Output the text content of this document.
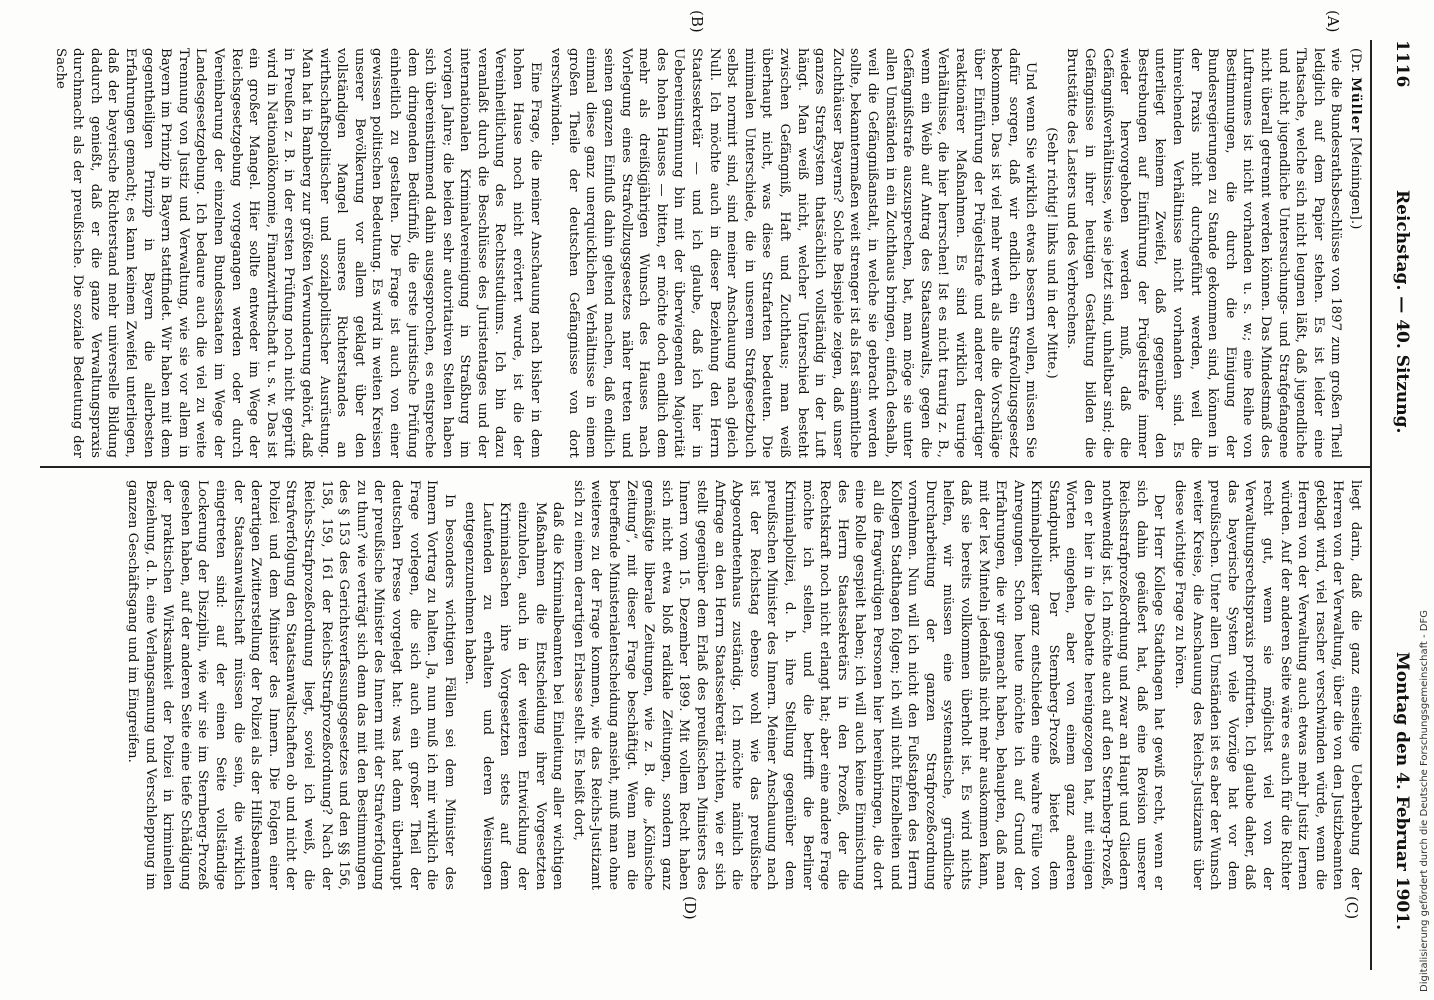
1116
Reichstag. — 40. Sitzung.
Montag den 4. Februar 1901.
(A)
(B)
(C)
(D)

(Dr. Müller [Meiningen].)

wie die Bundesrathsbeschlüsse von 1897 zum großen Theil lediglich auf dem Papier stehen. Es ist leider eine Thatsache, welche sich nicht leugnen läßt, daß jugendliche und nicht jugendliche Untersuchungs- und Strafgefangene nicht überall getrennt werden können. Das Mindestmaß des Luftraumes ist nicht vorhanden u. s. w.; eine Reihe von Bestimmungen, die durch die Einigung der Bundesregierungen zu Stande gekommen sind, können in der Praxis nicht durchgeführt werden, weil die hinreichenden Verhältnisse nicht vorhanden sind. Es unterliegt keinem Zweifel, daß gegenüber den Bestrebungen auf Einführung der Prügelstrafe immer wieder hervorgehoben werden muß, daß die Gefängnißverhältnisse, wie sie jetzt sind, unhaltbar sind; die Gefängnisse in ihrer heutigen Gestaltung bilden die Brutstätte des Lasters und des Verbrechens.

(Sehr richtig! links und in der Mitte.)

Und wenn Sie wirklich etwas bessern wollen, müssen Sie dafür sorgen, daß wir endlich ein Strafvollzugsgesetz bekommen. Das ist viel mehr werth als alle die Vorschläge über Einführung der Prügelstrafe und anderer derartiger reaktionärer Maßnahmen. Es sind wirklich traurige Verhältnisse, die hier herrschen! Ist es nicht traurig z. B., wenn ein Weib auf Antrag des Staatsanwalts, gegen die Gefängnißstrafe auszusprechen, bat, man möge sie unter allen Umständen in ein Zuchthaus bringen, einfach deshalb, weil die Gefängnißanstalt, in welche sie gebracht werden sollte, bekanntermaßen weit strenger ist als fast sämmtliche Zuchthäuser Bayerns? Solche Beispiele zeigen, daß unser ganzes Strafsystem thatsächlich vollständig in der Luft hängt. Man weiß nicht, welcher Unterschied besteht zwischen Gefängniß, Haft und Zuchthaus; man weiß überhaupt nicht, was diese Strafarten bedeuten. Die minimalen Unterschiede, die in unserem Strafgesetzbuch selbst normirt sind, sind meiner Anschauung nach gleich Null. Ich möchte auch in dieser Beziehung den Herrn Staatssekretär — und ich glaube, daß ich hier in Uebereinstimmung bin mit der überwiegenden Majorität des hohen Hauses — bitten, er möchte doch endlich dem mehr als dreißigjährigen Wunsch des Hauses nach Vorlegung eines Strafvollzugsgesetzes näher treten und seinen ganzen Einfluß dahin geltend machen, daß endlich einmal diese ganz unerquicklichen Verhältnisse in einem großen Theile der deutschen Gefängnisse von dort verschwinden.

Eine Frage, die meiner Anschauung nach bisher in dem hohen Hause noch nicht erörtert wurde, ist die der Vereinheitlichung des Rechtsstudiums. Ich bin dazu veranlaßt durch die Beschlüsse des Juristentages und der internationalen Kriminalvereinigung in Straßburg im vorigen Jahre; die beiden sehr autoritativen Stellen haben sich übereinstimmend dahin ausgesprochen, es entspreche dem dringenden Bedürfniß, die erste juristische Prüfung einheitlich zu gestalten. Die Frage ist auch von einer gewissen politischen Bedeutung. Es wird in weiten Kreisen unserer Bevölkerung vor allem geklagt über den vollständigen Mangel unseres Richterstandes an wirthschaftspolitischer und sozialpolitischer Ausrüstung. Man hat in Bamberg zur größten Verwunderung gehört, daß in Preußen z. B. in der ersten Prüfung noch nicht geprüft wird in Nationalökonomie, Finanzwirthschaft u. s. w. Das ist ein großer Mangel. Hier sollte entweder im Wege der Reichsgesetzgebung vorgegangen werden oder durch Vereinbarung der einzelnen Bundesstaaten im Wege der Landesgesetzgebung. Ich bedaure auch die viel zu weite Trennung von Justiz und Verwaltung, wie sie vor allem in Bayern im Prinzip in Bayern stattfindet. Wir haben mit dem gegentheiligen Prinzip in Bayern die allerbesten Erfahrungen gemacht; es kann keinem Zweifel unterliegen, daß der bayerische Richterstand mehr universelle Bildung dadurch genießt, daß er die ganze Verwaltungspraxis durchmacht als der preußische. Die soziale Bedeutung der Sache

liegt darin, daß die ganz einseitige Ueberhebung der Herren von der Verwaltung, über die von den Justizbeamten geklagt wird, viel rascher verschwinden würde, wenn die Herren von der Verwaltung auch etwas mehr Justiz lernen würden. Auf der anderen Seite wäre es auch für die Richter recht gut, wenn sie möglichst viel von der Verwaltungsrechtspraxis profitirten. Ich glaube daher, daß das bayerische System viele Vorzüge hat vor dem preußischen. Unter allen Umständen ist es aber der Wunsch weiter Kreise, die Anschauung des Reichs-Justizamts über diese wichtige Frage zu hören.

Der Herr Kollege Stadthagen hat gewiß recht, wenn er sich dahin geäußert hat, daß eine Revision unserer Reichsstrafprozeßordnung und zwar an Haupt und Gliedern nothwendig ist. Ich möchte auch auf den Sternberg-Prozeß, den er hier in die Debatte hereingezogen hat, mit einigen Worten eingehen, aber von einem ganz anderen Standpunkt. Der Sternberg-Prozeß bietet dem Kriminalpolitiker ganz entschieden eine wahre Fülle von Anregungen. Schon heute möchte ich auf Grund der Erfahrungen, die wir gemacht haben, behaupten, daß man mit der lex Minteln jedenfalls nicht mehr auskommen kann, daß sie bereits vollkommen überholt ist. Es wird nichts helfen, wir müssen eine systematische, gründliche Durcharbeitung der ganzen Strafprozeßordnung vornehmen. Nun will ich nicht den Fußstapfen des Herrn Kollegen Stadthagen folgen; ich will nicht Einzelheiten und all die fragwürdigen Personen hier hereinbringen, die dort eine Rolle gespielt haben; ich will auch keine Einmischung des Herrn Staatssekretärs in den Prozeß, der die Rechtskraft noch nicht erlangt hat; aber eine andere Frage möchte ich stellen, und die betrifft die Berliner Kriminalpolizei, d. h. ihre Stellung gegenüber dem preußischen Minister des Innern. Meiner Anschauung nach ist der Reichstag ebenso wohl wie das preußische Abgeordnetenhaus zuständig. Ich möchte nämlich die Anfrage an den Herrn Staatssekretär richten, wie er sich stellt gegenüber dem Erlaß des preußischen Ministers des Innern vom 15. Dezember 1899. Mit vollem Recht haben sich nicht etwa bloß radikale Zeitungen, sondern ganz gemäßigte liberale Zeitungen, wie z. B. die „Kölnische Zeitung“, mit dieser Frage beschäftigt. Wenn man die betreffende Ministerialentscheidung ansieht, muß man ohne weiteres zu der Frage kommen, wie das Reichs-Justizamt sich zu einem derartigen Erlasse stellt. Es heißt dort,

daß die Kriminalbeamten bei Einleitung aller wichtigen Maßnahmen die Entscheidung ihrer Vorgesetzten einzuholen, auch in der weiteren Entwicklung der Kriminalsachen ihre Vorgesetzten stets auf dem Laufenden zu erhalten und deren Weisungen entgegenzunehmen haben.

In besonders wichtigen Fällen sei dem Minister des Innern Vortrag zu halten. Ja, nun muß ich mir wirklich die Frage vorlegen, die sich auch ein großer Theil der deutschen Presse vorgelegt hat: was hat denn überhaupt der preußische Minister des Innern mit der Strafverfolgung zu thun? wie verträgt sich denn das mit den Bestimmungen des § 153 des Gerichtsverfassungsgesetzes und den §§ 156, 158, 159, 161 der Reichs-Strafprozeßordnung? Nach der Reichs-Strafprozeßordnung liegt, soviel ich weiß, die Strafverfolgung den Staatsanwaltschaften ob und nicht der Polizei und dem Minister des Innern. Die Folgen einer derartigen Zwitterstellung der Polizei als der Hilfsbeamten der Staatsanwaltschaft müssen die sein, die wirklich eingetreten sind: auf der einen Seite vollständige Lockerung der Disziplin, wie wir sie im Sternberg-Prozeß gesehen haben, auf der anderen Seite eine tiefe Schädigung der praktischen Wirksamkeit der Polizei in kriminellen Beziehung, d. h. eine Verlangsamung und Verschleppung im ganzen Geschäftsgang und im Eingreifen.	Digitalisierung gefördert durch die Deutsche Forschungsgemeinschaft - DFG
